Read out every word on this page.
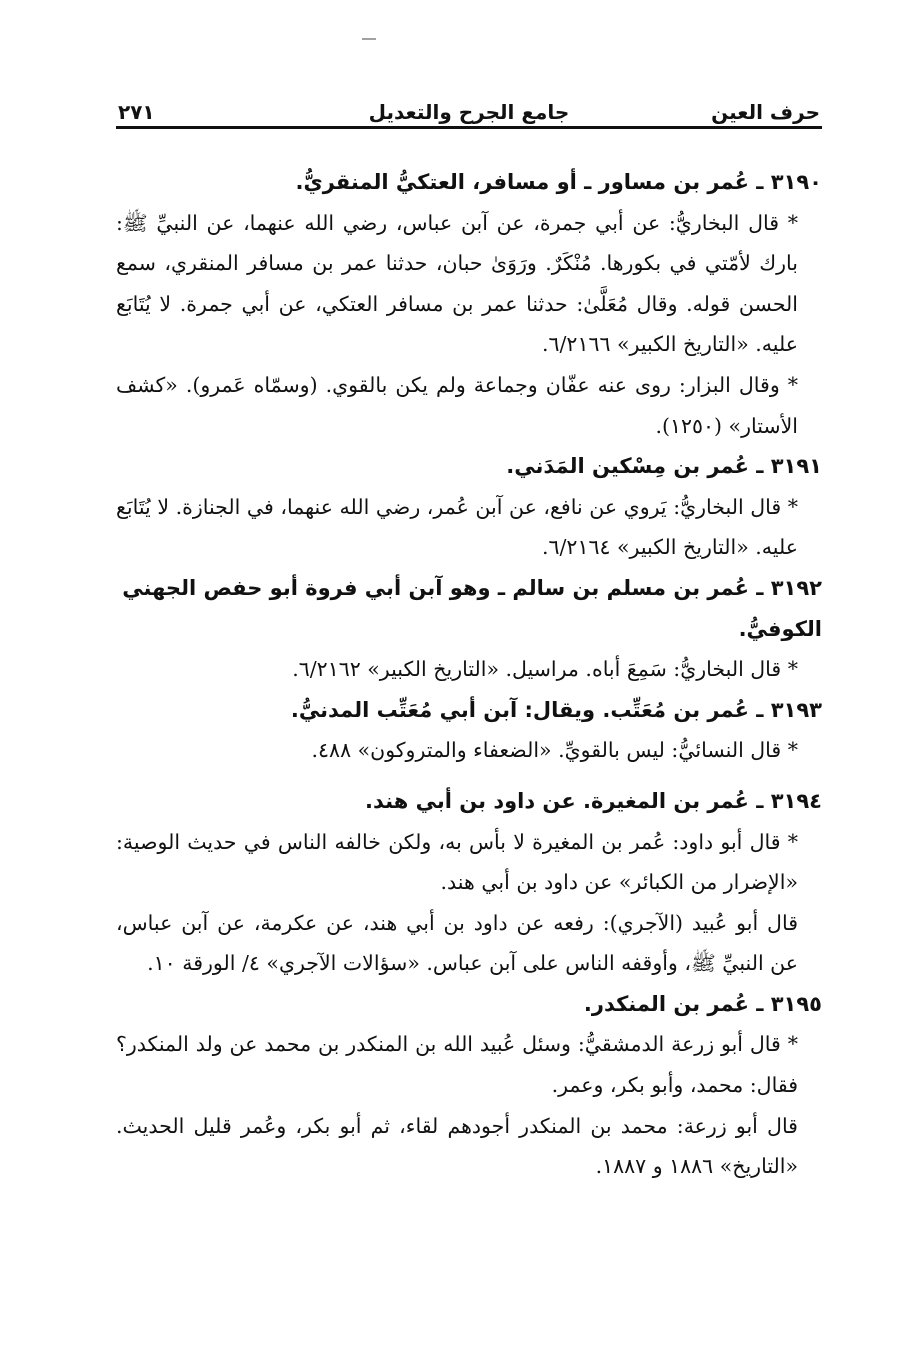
حرف العين
جامع الجرح والتعديل
٢٧١

٣١٩٠ ـ عُمر بن مساور ـ أو مسافر، العتكيُّ المنقريُّ.

* قال البخاريُّ: عن أبي جمرة، عن آبن عباس، رضي الله عنهما، عن النبيِّ ﷺ: بارك لأمّتي في بكورها. مُنْكَرٌ. ورَوَىٰ حبان، حدثنا عمر بن مسافر المنقري، سمع الحسن قوله. وقال مُعَلَّىٰ: حدثنا عمر بن مسافر العتكي، عن أبي جمرة. لا يُتَابَع عليه. «التاريخ الكبير» ٦/٢١٦٦.

* وقال البزار: روى عنه عفّان وجماعة ولم يكن بالقوي. (وسمّاه عَمرو). «كشف الأستار» (١٢٥٠).

٣١٩١ ـ عُمر بن مِسْكين المَدَني.

* قال البخاريُّ: يَروي عن نافع، عن آبن عُمر، رضي الله عنهما، في الجنازة. لا يُتَابَع عليه. «التاريخ الكبير» ٦/٢١٦٤.

٣١٩٢ ـ عُمر بن مسلم بن سالم ـ وهو آبن أبي فروة أبو حفص الجهني الكوفيُّ.

* قال البخاريُّ: سَمِعَ أباه. مراسيل. «التاريخ الكبير» ٦/٢١٦٢.

٣١٩٣ ـ عُمر بن مُعَتِّب. ويقال: آبن أبي مُعَتِّب المدنيُّ.

* قال النسائيُّ: ليس بالقويِّ. «الضعفاء والمتروكون» ٤٨٨.

٣١٩٤ ـ عُمر بن المغيرة. عن داود بن أبي هند.

* قال أبو داود: عُمر بن المغيرة لا بأس به، ولكن خالفه الناس في حديث الوصية: «الإضرار من الكبائر» عن داود بن أبي هند.

قال أبو عُبيد (الآجري): رفعه عن داود بن أبي هند، عن عكرمة، عن آبن عباس، عن النبيِّ ﷺ، وأوقفه الناس على آبن عباس. «سؤالات الآجري» ٤/ الورقة ١٠.

٣١٩٥ ـ عُمر بن المنكدر.

* قال أبو زرعة الدمشقيُّ: وسئل عُبيد الله بن المنكدر بن محمد عن ولد المنكدر؟ فقال: محمد، وأبو بكر، وعمر.

قال أبو زرعة: محمد بن المنكدر أجودهم لقاء، ثم أبو بكر، وعُمر قليل الحديث. «التاريخ» ١٨٨٦ و ١٨٨٧.
